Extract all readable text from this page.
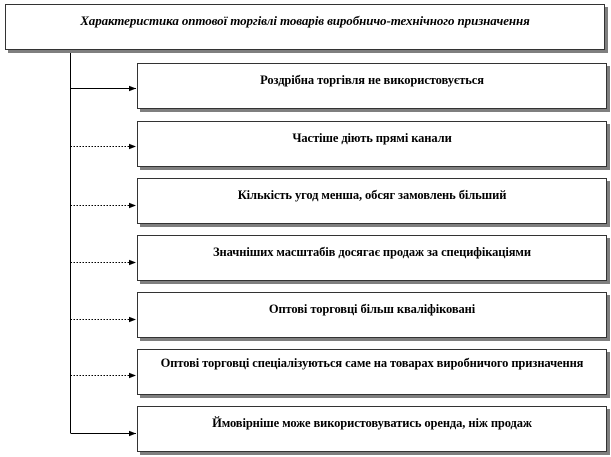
Характеристика оптової торгівлі товарів виробничо-технічного призначення
Роздрібна торгівля не використовується
Частіше діють прямі канали
Кількість угод менша, обсяг замовлень більший
Значніших масштабів досягає продаж за специфікаціями
Оптові торговці більш кваліфіковані
Оптові торговці спеціалізуються саме на товарах виробничого призначення
Ймовірніше може використовуватись оренда, ніж продаж
